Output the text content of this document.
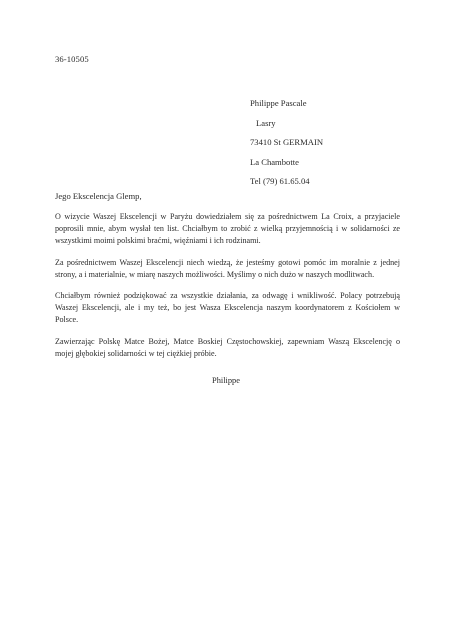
36-10505
Philippe Pascale
Lasry
73410 St GERMAIN
La Chambotte
Tel (79) 61.65.04
Jego Ekscelencja Glemp,

O wizycie Waszej Ekscelencji w Paryżu dowiedziałem się za pośrednictwem La Croix, a przyjaciele poprosili mnie, abym wysłał ten list. Chciałbym to zrobić z wielką przyjemnością i w solidarności ze wszystkimi moimi polskimi braćmi, więźniami i ich rodzinami.

Za pośrednictwem Waszej Ekscelencji niech wiedzą, że jesteśmy gotowi pomóc im moralnie z jednej strony, a i materialnie, w miarę naszych możliwości. Myślimy o nich dużo w naszych modlitwach.

Chciałbym również podziękować za wszystkie działania, za odwagę i wnikliwość. Polacy potrzebują Waszej Ekscelencji, ale i my też, bo jest Wasza Ekscelencja naszym koordynatorem z Kościołem w Polsce.

Zawierzając Polskę Matce Bożej, Matce Boskiej Częstochowskiej, zapewniam Waszą Ekscelencję o mojej głębokiej solidarności w tej ciężkiej próbie.

Philippe
